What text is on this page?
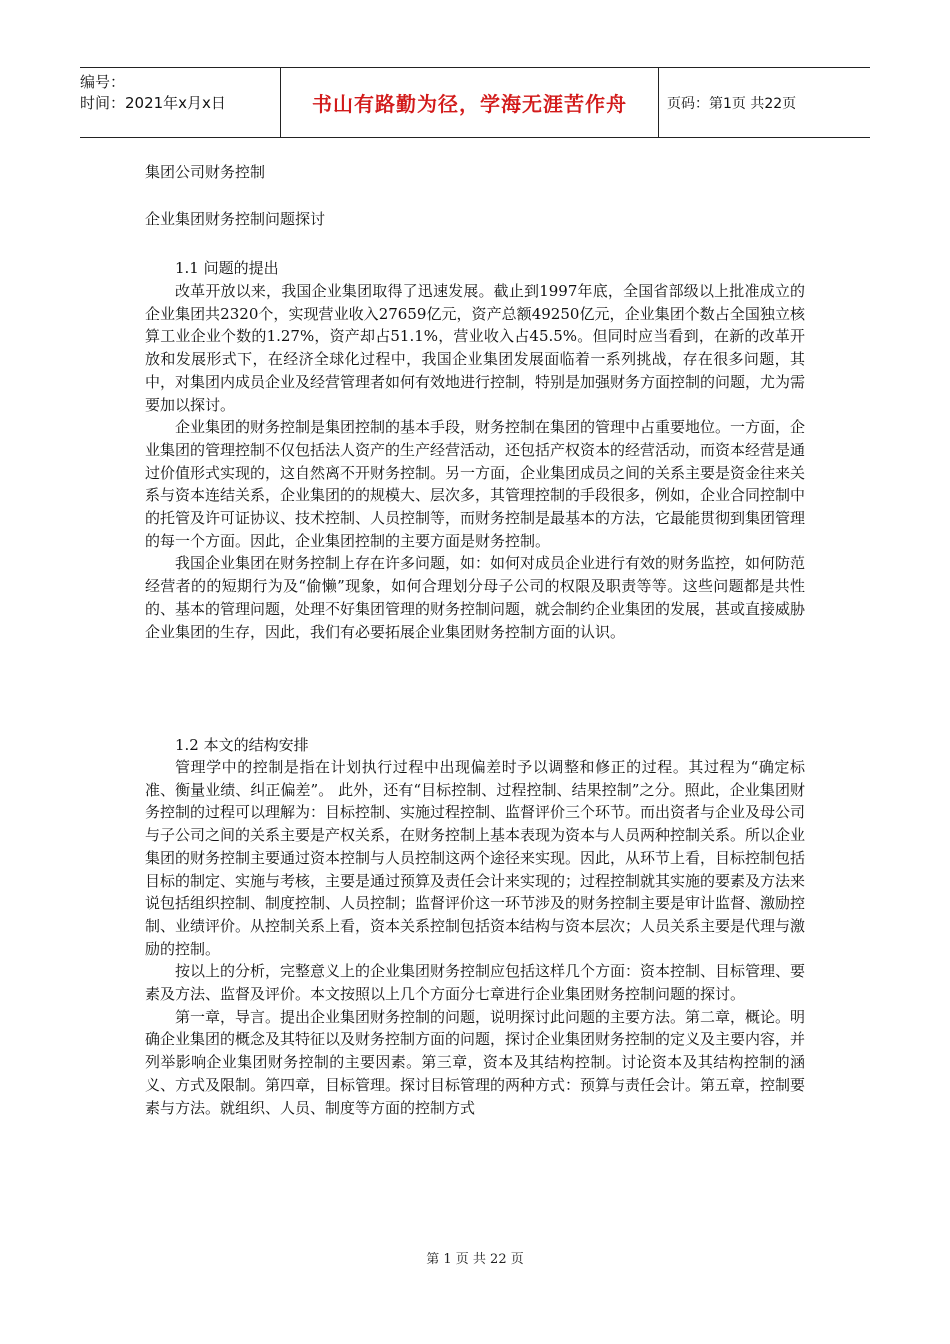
编号：
时间：2021年x月x日	书山有路勤为径，学海无涯苦作舟	页码：第1页 共22页
集团公司财务控制
企业集团财务控制问题探讨
1.1 问题的提出

改革开放以来，我国企业集团取得了迅速发展。截止到1997年底，全国省部级以上批准成立的企业集团共2320个，实现营业收入27659亿元，资产总额49250亿元，企业集团个数占全国独立核算工业企业个数的1.27%，资产却占51.1%，营业收入占45.5%。但同时应当看到，在新的改革开放和发展形式下，在经济全球化过程中，我国企业集团发展面临着一系列挑战，存在很多问题，其中，对集团内成员企业及经营管理者如何有效地进行控制，特别是加强财务方面控制的问题，尤为需要加以探讨。

企业集团的财务控制是集团控制的基本手段，财务控制在集团的管理中占重要地位。一方面，企业集团的管理控制不仅包括法人资产的生产经营活动，还包括产权资本的经营活动，而资本经营是通过价值形式实现的，这自然离不开财务控制。另一方面，企业集团成员之间的关系主要是资金往来关系与资本连结关系，企业集团的的规模大、层次多，其管理控制的手段很多，例如，企业合同控制中的托管及许可证协议、技术控制、人员控制等，而财务控制是最基本的方法，它最能贯彻到集团管理的每一个方面。因此，企业集团控制的主要方面是财务控制。

我国企业集团在财务控制上存在许多问题，如：如何对成员企业进行有效的财务监控，如何防范经营者的的短期行为及“偷懒”现象，如何合理划分母子公司的权限及职责等等。这些问题都是共性的、基本的管理问题，处理不好集团管理的财务控制问题，就会制约企业集团的发展，甚或直接威胁企业集团的生存，因此，我们有必要拓展企业集团财务控制方面的认识。

1.2 本文的结构安排

管理学中的控制是指在计划执行过程中出现偏差时予以调整和修正的过程。其过程为“确定标准、衡量业绩、纠正偏差”。 此外，还有“目标控制、过程控制、结果控制”之分。照此，企业集团财务控制的过程可以理解为：目标控制、实施过程控制、监督评价三个环节。而出资者与企业及母公司与子公司之间的关系主要是产权关系，在财务控制上基本表现为资本与人员两种控制关系。所以企业集团的财务控制主要通过资本控制与人员控制这两个途径来实现。因此，从环节上看，目标控制包括目标的制定、实施与考核，主要是通过预算及责任会计来实现的；过程控制就其实施的要素及方法来说包括组织控制、制度控制、人员控制；监督评价这一环节涉及的财务控制主要是审计监督、激励控制、业绩评价。从控制关系上看，资本关系控制包括资本结构与资本层次；人员关系主要是代理与激励的控制。

按以上的分析，完整意义上的企业集团财务控制应包括这样几个方面：资本控制、目标管理、要素及方法、监督及评价。本文按照以上几个方面分七章进行企业集团财务控制问题的探讨。

第一章，导言。提出企业集团财务控制的问题，说明探讨此问题的主要方法。第二章，概论。明确企业集团的概念及其特征以及财务控制方面的问题，探讨企业集团财务控制的定义及主要内容，并列举影响企业集团财务控制的主要因素。第三章，资本及其结构控制。讨论资本及其结构控制的涵义、方式及限制。第四章，目标管理。探讨目标管理的两种方式：预算与责任会计。第五章，控制要素与方法。就组织、人员、制度等方面的控制方式

第 1 页 共 22 页
